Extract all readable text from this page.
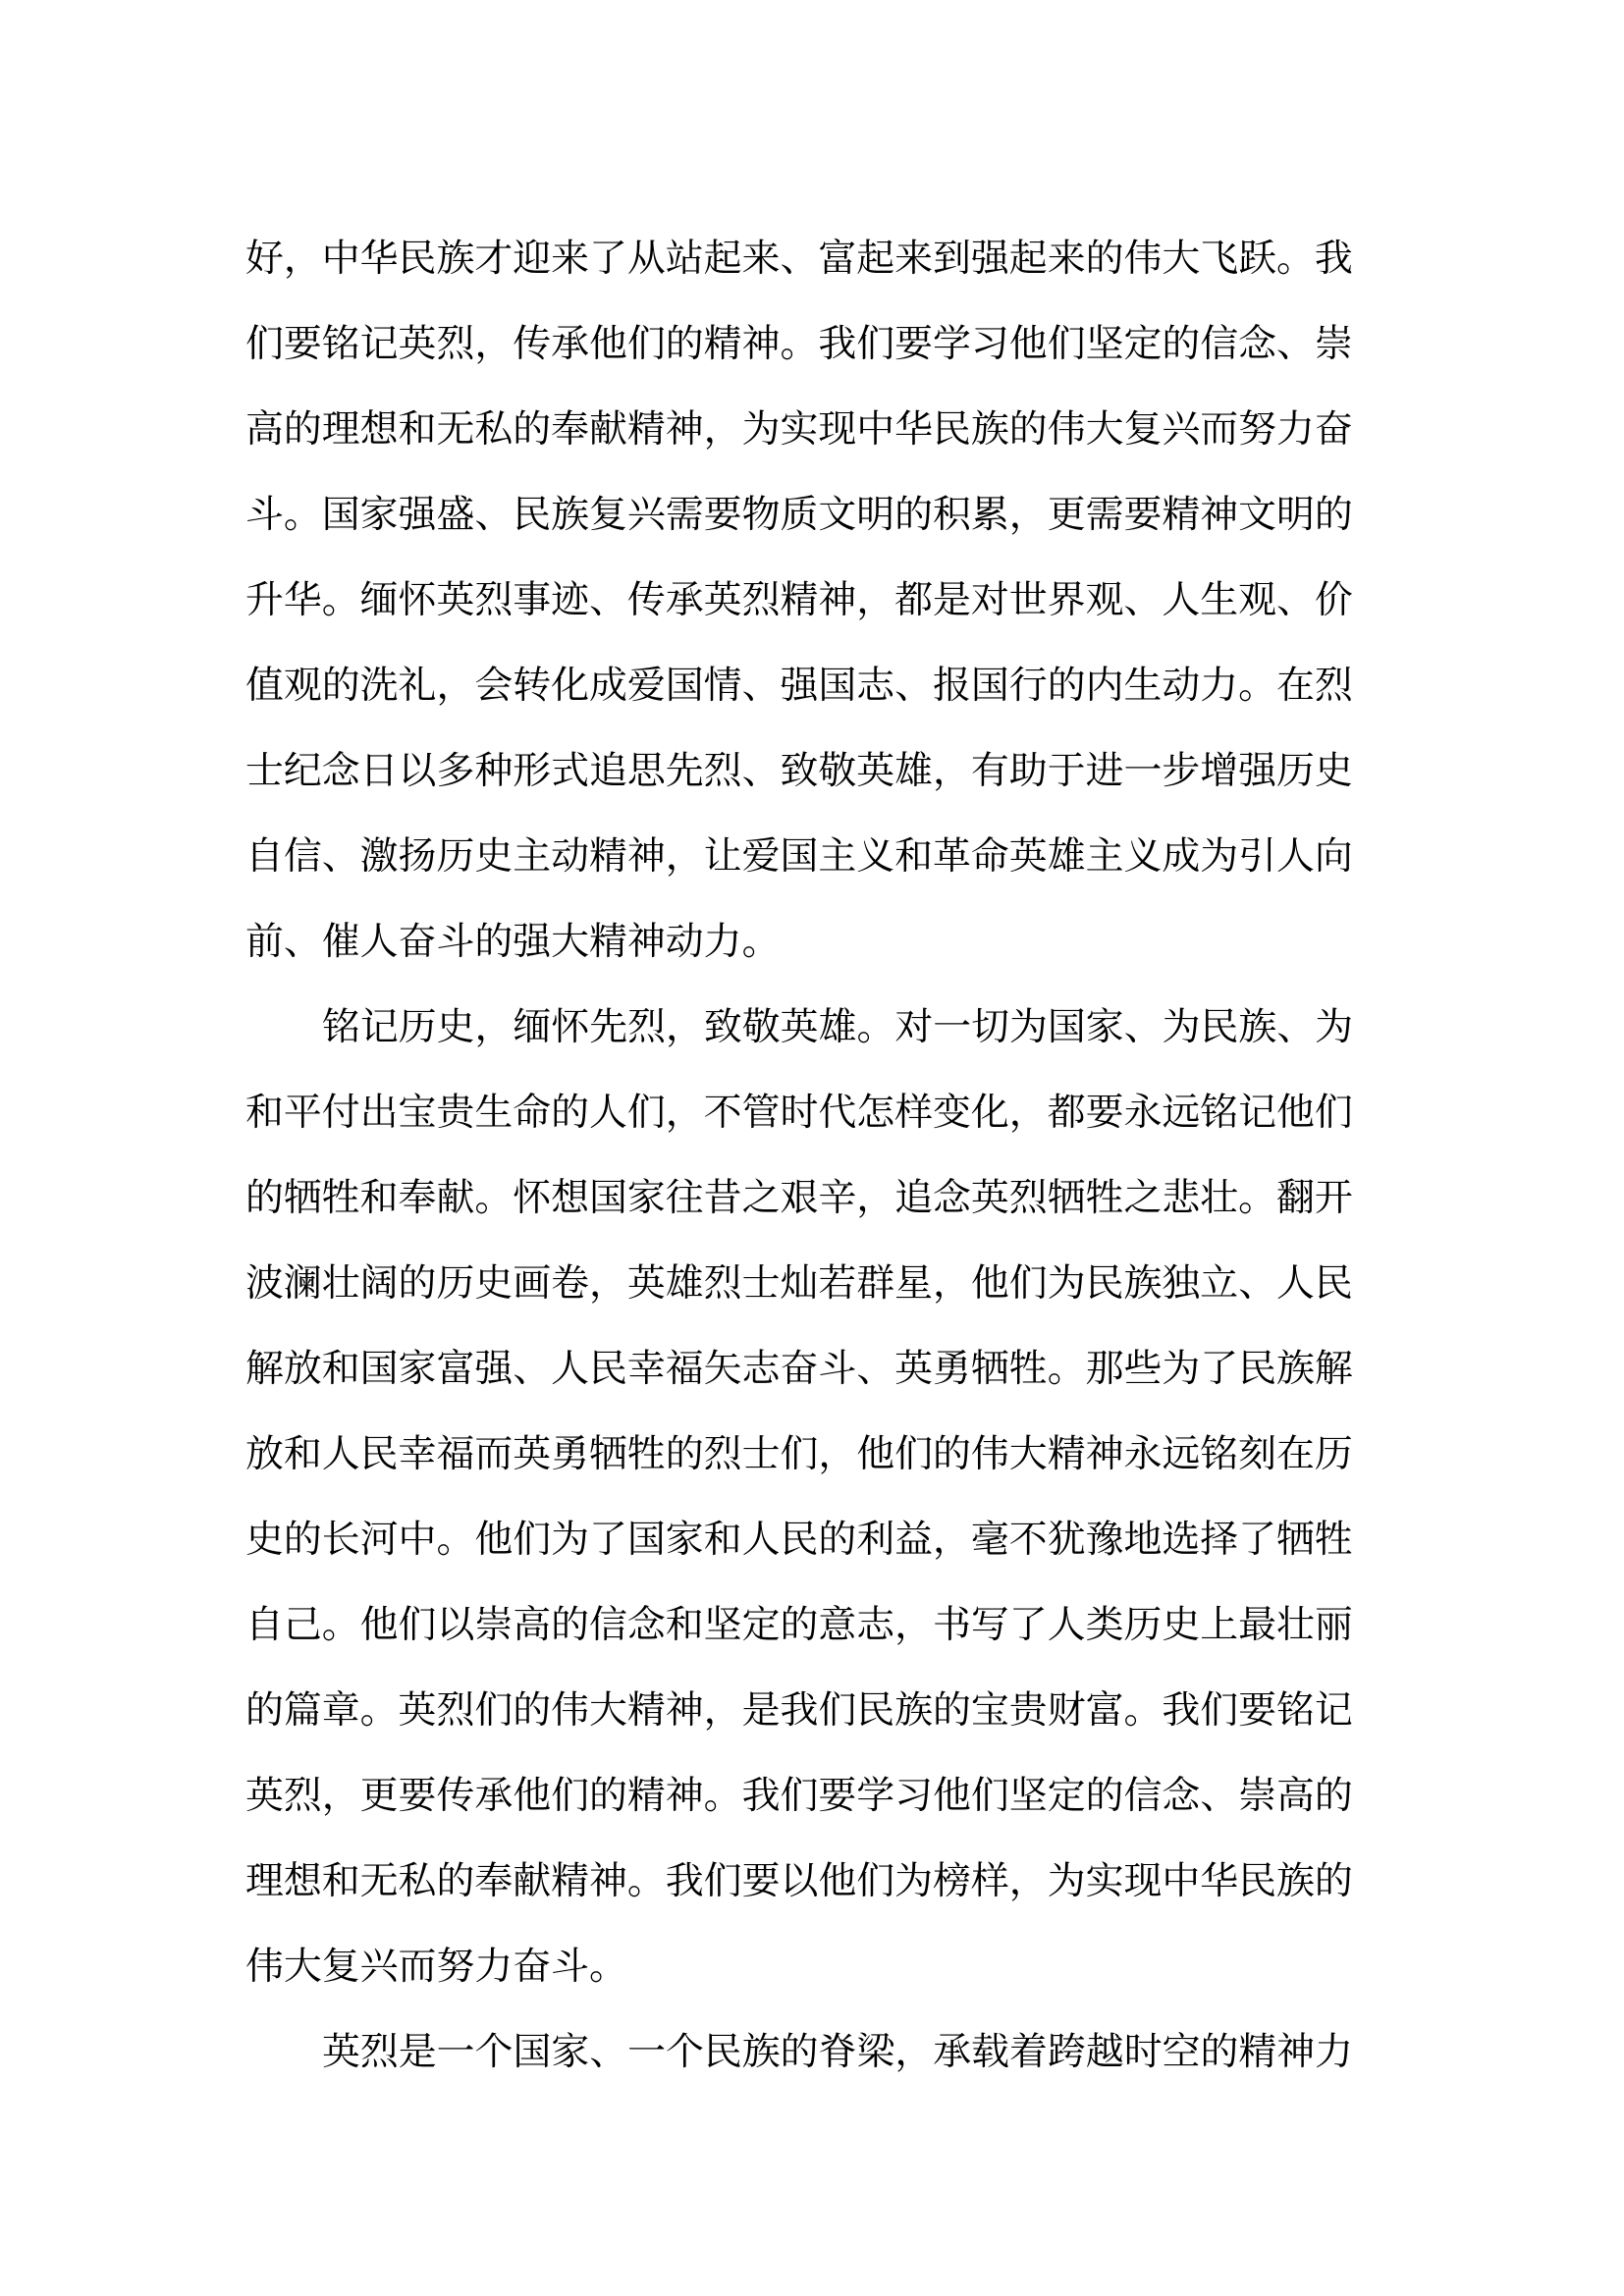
好，中华民族才迎来了从站起来、富起来到强起来的伟大飞跃。我
们要铭记英烈，传承他们的精神。我们要学习他们坚定的信念、崇
高的理想和无私的奉献精神，为实现中华民族的伟大复兴而努力奋
斗。国家强盛、民族复兴需要物质文明的积累，更需要精神文明的
升华。缅怀英烈事迹、传承英烈精神，都是对世界观、人生观、价
值观的洗礼，会转化成爱国情、强国志、报国行的内生动力。在烈
士纪念日以多种形式追思先烈、致敬英雄，有助于进一步增强历史
自信、激扬历史主动精神，让爱国主义和革命英雄主义成为引人向
前、催人奋斗的强大精神动力。
铭记历史，缅怀先烈，致敬英雄。对一切为国家、为民族、为
和平付出宝贵生命的人们，不管时代怎样变化，都要永远铭记他们
的牺牲和奉献。怀想国家往昔之艰辛，追念英烈牺牲之悲壮。翻开
波澜壮阔的历史画卷，英雄烈士灿若群星，他们为民族独立、人民
解放和国家富强、人民幸福矢志奋斗、英勇牺牲。那些为了民族解
放和人民幸福而英勇牺牲的烈士们，他们的伟大精神永远铭刻在历
史的长河中。他们为了国家和人民的利益，毫不犹豫地选择了牺牲
自己。他们以崇高的信念和坚定的意志，书写了人类历史上最壮丽
的篇章。英烈们的伟大精神，是我们民族的宝贵财富。我们要铭记
英烈，更要传承他们的精神。我们要学习他们坚定的信念、崇高的
理想和无私的奉献精神。我们要以他们为榜样，为实现中华民族的
伟大复兴而努力奋斗。
英烈是一个国家、一个民族的脊梁，承载着跨越时空的精神力
